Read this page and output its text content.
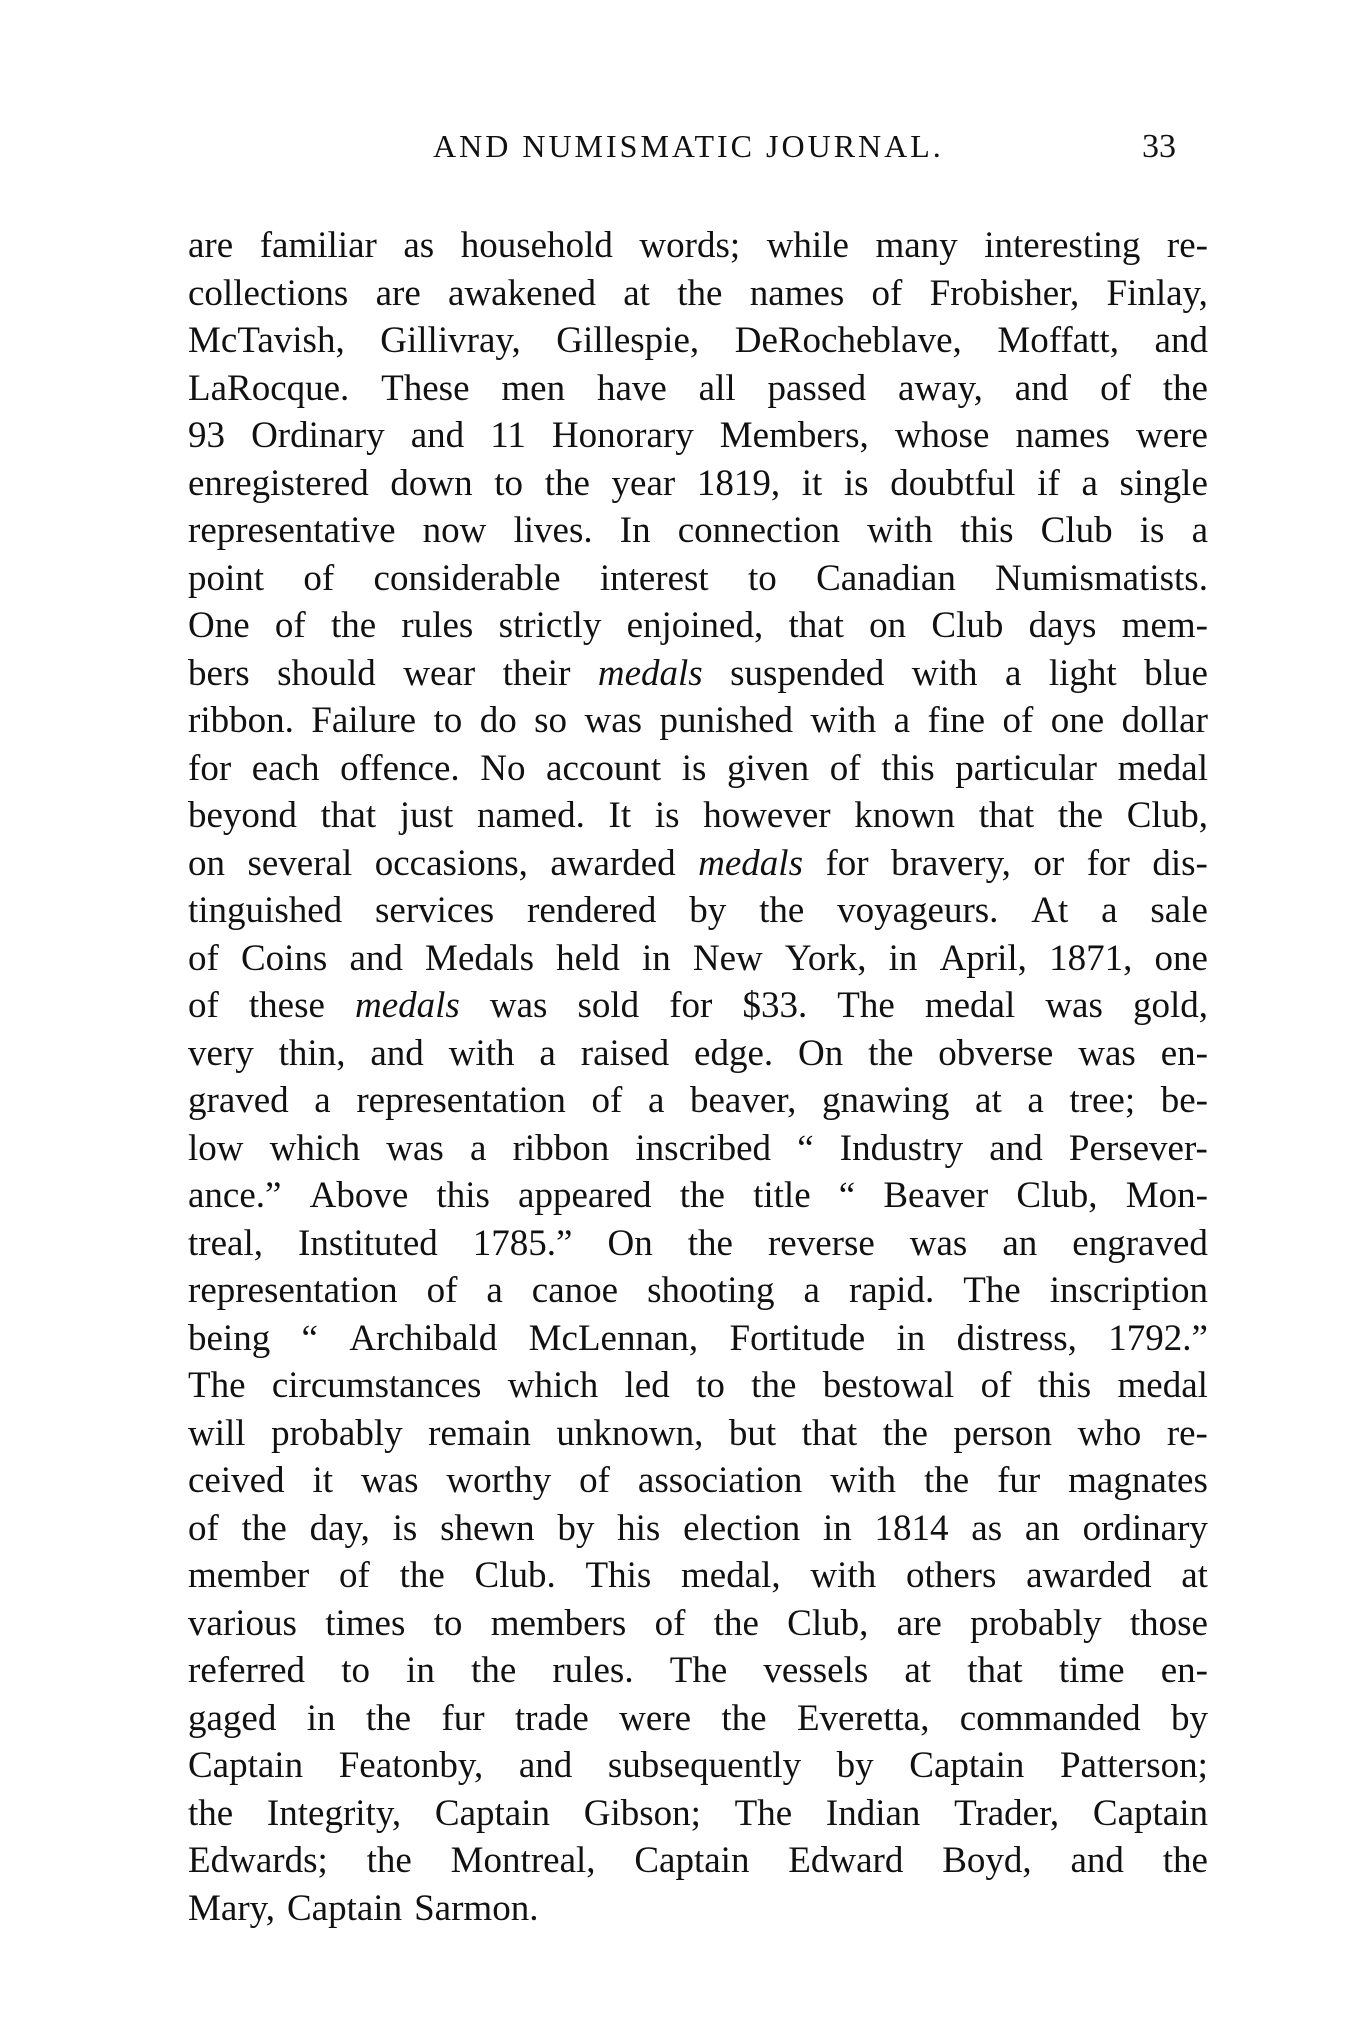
AND NUMISMATIC JOURNAL.	33
are familiar as household words; while many interesting re-
collections are awakened at the names of Frobisher, Finlay,
McTavish, Gillivray, Gillespie, DeRocheblave, Moffatt, and
LaRocque. These men have all passed away, and of the
93 Ordinary and 11 Honorary Members, whose names were
enregistered down to the year 1819, it is doubtful if a single
representative now lives. In connection with this Club is a
point of considerable interest to Canadian Numismatists.
One of the rules strictly enjoined, that on Club days mem-
bers should wear their medals suspended with a light blue
ribbon. Failure to do so was punished with a fine of one dollar
for each offence. No account is given of this particular medal
beyond that just named. It is however known that the Club,
on several occasions, awarded medals for bravery, or for dis-
tinguished services rendered by the voyageurs. At a sale
of Coins and Medals held in New York, in April, 1871, one
of these medals was sold for $33. The medal was gold,
very thin, and with a raised edge. On the obverse was en-
graved a representation of a beaver, gnawing at a tree; be-
low which was a ribbon inscribed “ Industry and Persever-
ance.” Above this appeared the title “ Beaver Club, Mon-
treal, Instituted 1785.” On the reverse was an engraved
representation of a canoe shooting a rapid. The inscription
being “ Archibald McLennan, Fortitude in distress, 1792.”
The circumstances which led to the bestowal of this medal
will probably remain unknown, but that the person who re-
ceived it was worthy of association with the fur magnates
of the day, is shewn by his election in 1814 as an ordinary
member of the Club. This medal, with others awarded at
various times to members of the Club, are probably those
referred to in the rules. The vessels at that time en-
gaged in the fur trade were the Everetta, commanded by
Captain Featonby, and subsequently by Captain Patterson;
the Integrity, Captain Gibson; The Indian Trader, Captain
Edwards; the Montreal, Captain Edward Boyd, and the
Mary, Captain Sarmon.
